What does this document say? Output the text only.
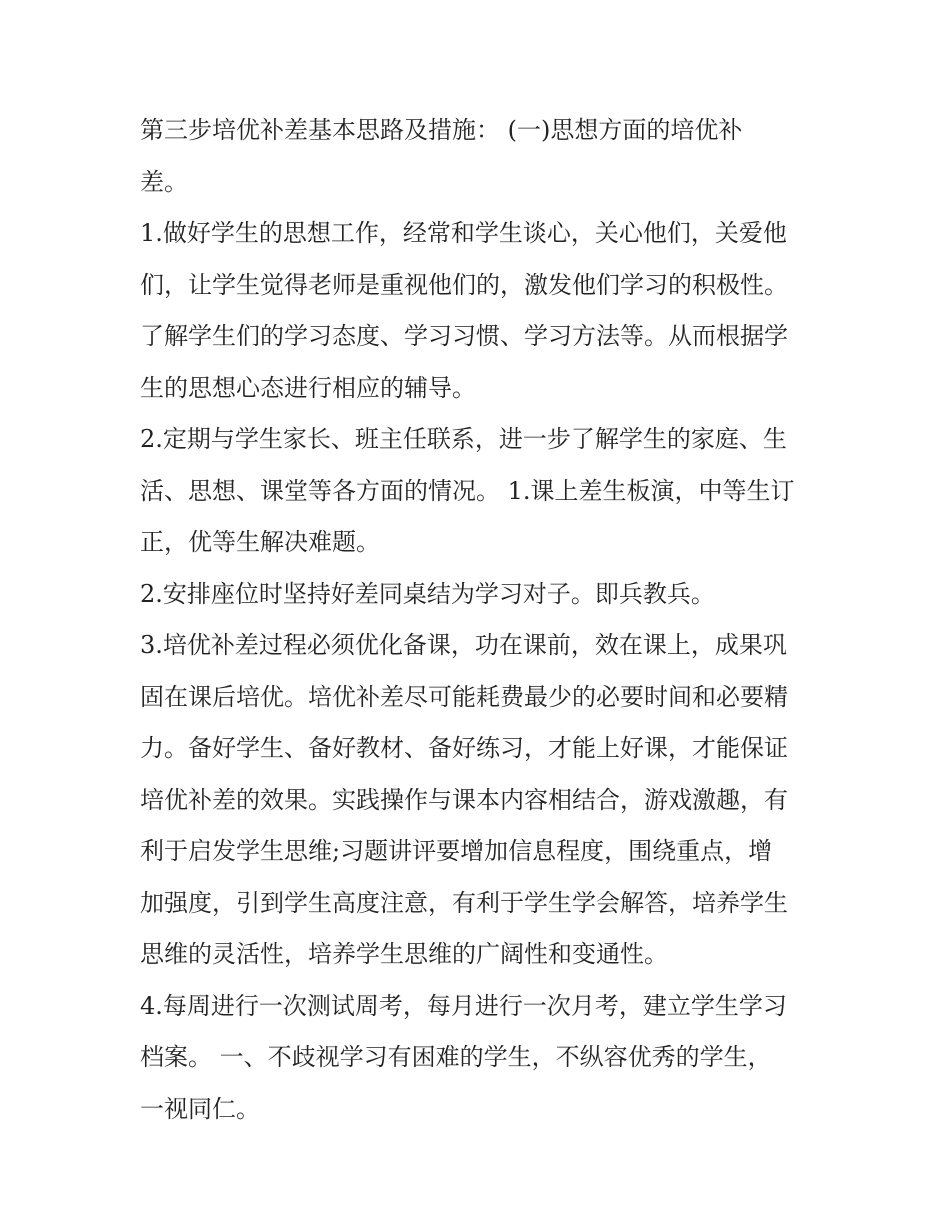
第三步培优补差基本思路及措施： (一)思想方面的培优补
差。
1.做好学生的思想工作，经常和学生谈心，关心他们，关爱他
们，让学生觉得老师是重视他们的，激发他们学习的积极性。
了解学生们的学习态度、学习习惯、学习方法等。从而根据学
生的思想心态进行相应的辅导。
2.定期与学生家长、班主任联系，进一步了解学生的家庭、生
活、思想、课堂等各方面的情况。 1.课上差生板演，中等生订
正，优等生解决难题。
2.安排座位时坚持好差同桌结为学习对子。即兵教兵。
3.培优补差过程必须优化备课，功在课前，效在课上，成果巩
固在课后培优。培优补差尽可能耗费最少的必要时间和必要精
力。备好学生、备好教材、备好练习，才能上好课，才能保证
培优补差的效果。实践操作与课本内容相结合，游戏激趣，有
利于启发学生思维;习题讲评要增加信息程度，围绕重点，增
加强度，引到学生高度注意，有利于学生学会解答，培养学生
思维的灵活性，培养学生思维的广阔性和变通性。
4.每周进行一次测试周考，每月进行一次月考，建立学生学习
档案。 一、不歧视学习有困难的学生，不纵容优秀的学生，
一视同仁。
